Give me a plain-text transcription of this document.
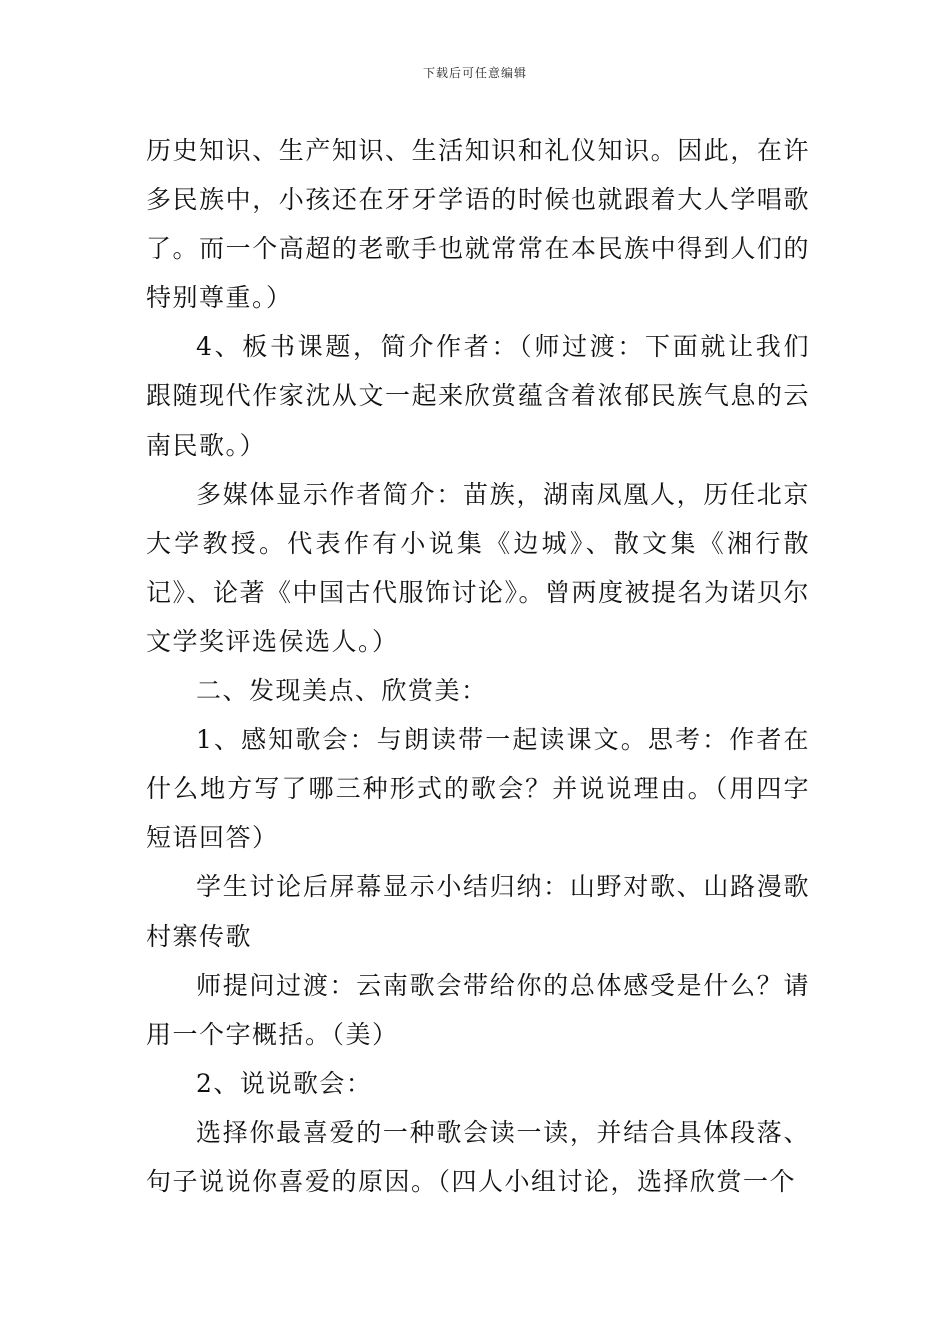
下载后可任意编辑

历史知识、生产知识、生活知识和礼仪知识。因此，在许多民族中，小孩还在牙牙学语的时候也就跟着大人学唱歌了。而一个高超的老歌手也就常常在本民族中得到人们的特别尊重。）

4、板书课题，简介作者：（师过渡：下面就让我们跟随现代作家沈从文一起来欣赏蕴含着浓郁民族气息的云南民歌。）

多媒体显示作者简介：苗族，湖南凤凰人，历任北京大学教授。代表作有小说集《边城》、散文集《湘行散记》、论著《中国古代服饰讨论》。曾两度被提名为诺贝尔文学奖评选侯选人。）

二、发现美点、欣赏美：

1、感知歌会：与朗读带一起读课文。思考：作者在什么地方写了哪三种形式的歌会？并说说理由。（用四字短语回答）

学生讨论后屏幕显示小结归纳：山野对歌、山路漫歌村寨传歌

师提问过渡：云南歌会带给你的总体感受是什么？请用一个字概括。（美）

2、说说歌会：

选择你最喜爱的一种歌会读一读，并结合具体段落、句子说说你喜爱的原因。（四人小组讨论，选择欣赏一个
